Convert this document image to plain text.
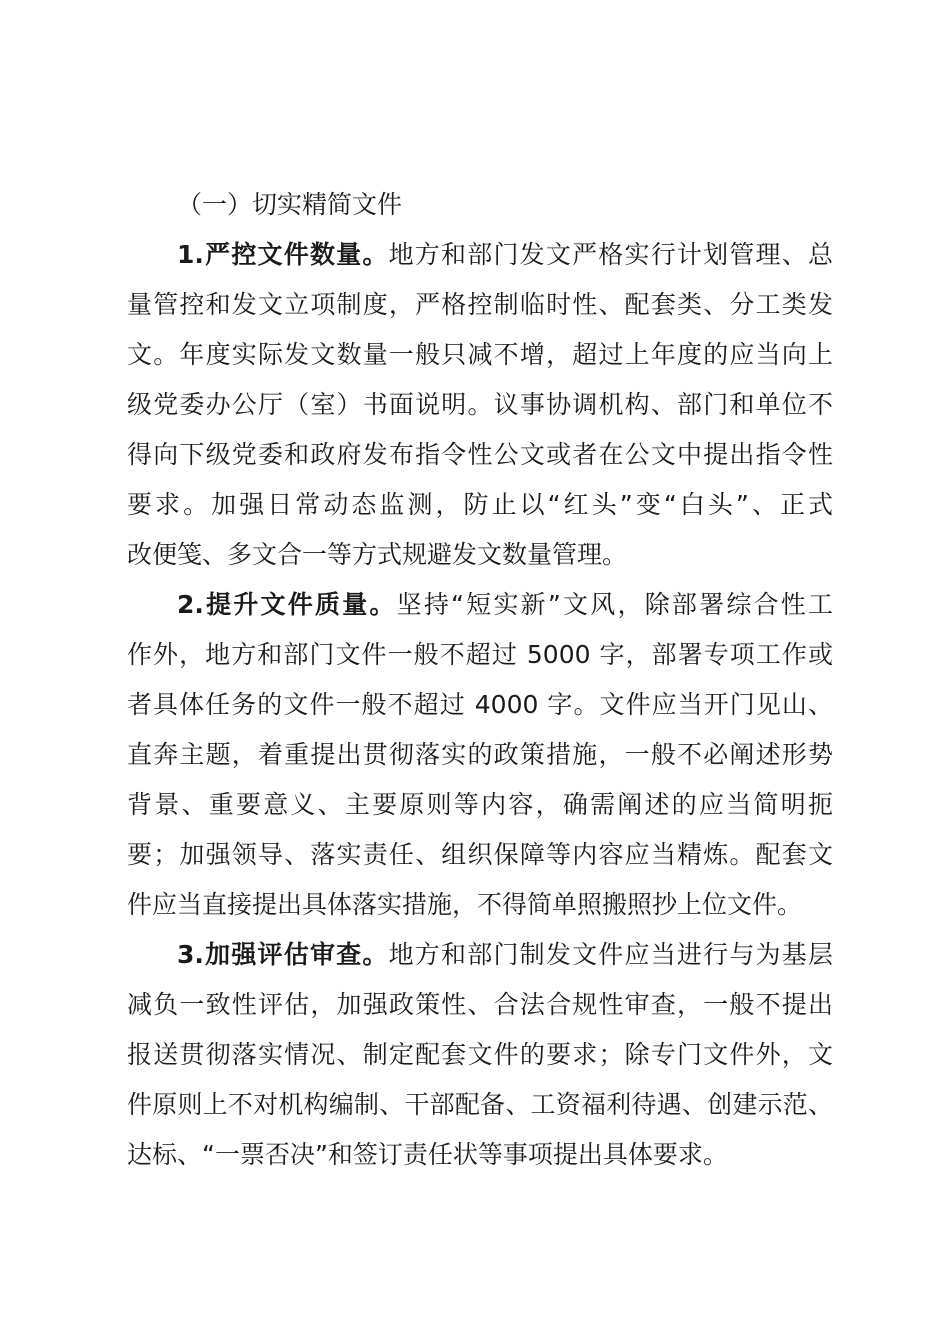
（一）切实精简文件
1.严控文件数量。地方和部门发文严格实行计划管理、总
量管控和发文立项制度，严格控制临时性、配套类、分工类发
文。年度实际发文数量一般只减不增，超过上年度的应当向上
级党委办公厅（室）书面说明。议事协调机构、部门和单位不
得向下级党委和政府发布指令性公文或者在公文中提出指令性
要求。加强日常动态监测，防止以“红头”变“白头”、正式
改便笺、多文合一等方式规避发文数量管理。
2.提升文件质量。坚持“短实新”文风，除部署综合性工
作外，地方和部门文件一般不超过 5000 字，部署专项工作或
者具体任务的文件一般不超过 4000 字。文件应当开门见山、
直奔主题，着重提出贯彻落实的政策措施，一般不必阐述形势
背景、重要意义、主要原则等内容，确需阐述的应当简明扼
要；加强领导、落实责任、组织保障等内容应当精炼。配套文
件应当直接提出具体落实措施，不得简单照搬照抄上位文件。
3.加强评估审查。地方和部门制发文件应当进行与为基层
减负一致性评估，加强政策性、合法合规性审查，一般不提出
报送贯彻落实情况、制定配套文件的要求；除专门文件外，文
件原则上不对机构编制、干部配备、工资福利待遇、创建示范、
达标、“一票否决”和签订责任状等事项提出具体要求。
